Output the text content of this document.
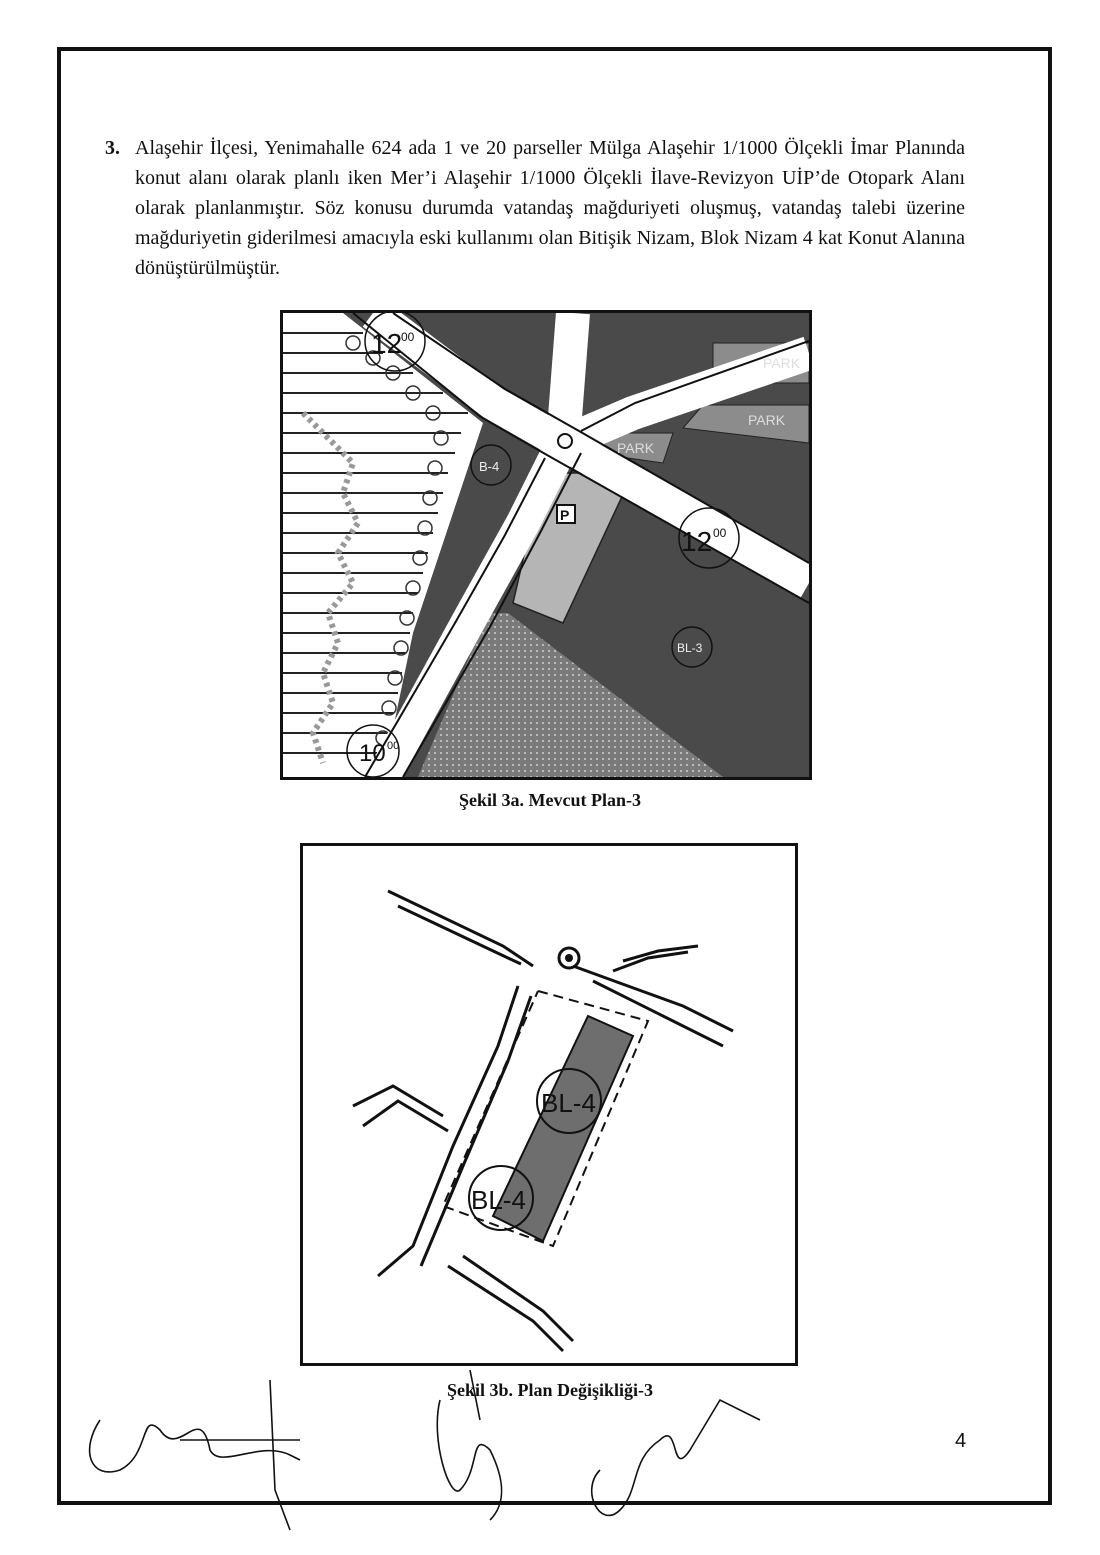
3. Alaşehir İlçesi, Yenimahalle 624 ada 1 ve 20 parseller Mülga Alaşehir 1/1000 Ölçekli İmar Planında konut alanı olarak planlı iken Mer’i Alaşehir 1/1000 Ölçekli İlave-Revizyon UİP’de Otopark Alanı olarak planlanmıştır. Söz konusu durumda vatandaş mağduriyeti oluşmuş, vatandaş talebi üzerine mağduriyetin giderilmesi amacıyla eski kullanımı olan Bitişik Nizam, Blok Nizam 4 kat Konut Alanına dönüştürülmüştür.
12
00
12 00
10 00
B-4
BL-3
P
PARK
PARK
PARK
Şekil 3a. Mevcut Plan-3
BL-4
BL-4
Şekil 3b. Plan Değişikliği-3
4
